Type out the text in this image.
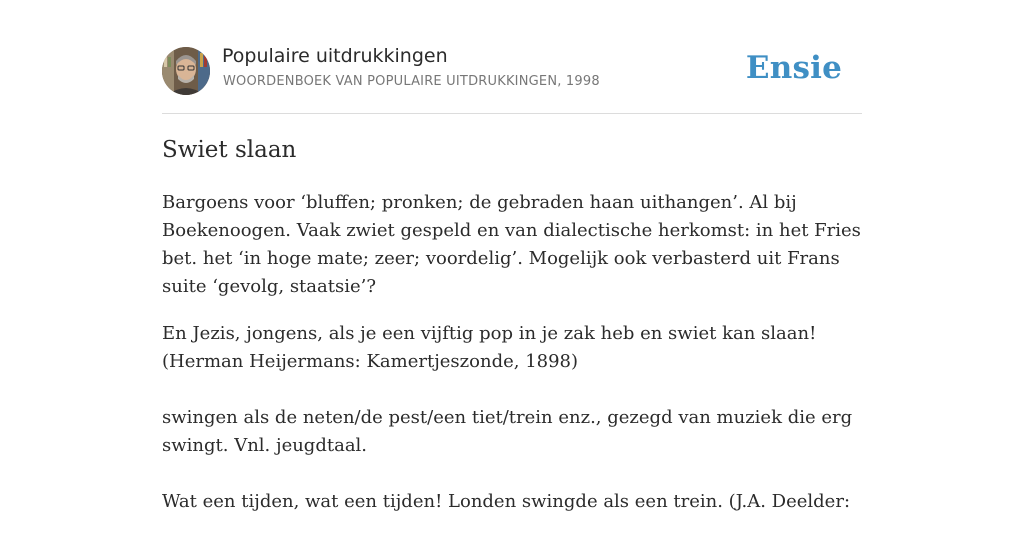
Populaire uitdrukkingen
WOORDENBOEK VAN POPULAIRE UITDRUKKINGEN, 1998	Ensie
Swiet slaan

Bargoens voor ‘bluffen; pronken; de gebraden haan uithangen’. Al bij Boekenoogen. Vaak zwiet gespeld en van dialectische herkomst: in het Fries bet. het ‘in hoge mate; zeer; voordelig’. Mogelijk ook verbasterd uit Frans suite ‘gevolg, staatsie’?

En Jezis, jongens, als je een vijftig pop in je zak heb en swiet kan slaan! (Herman Heijermans: Kamertjeszonde, 1898)

swingen als de neten/de pest/een tiet/trein enz., gezegd van muziek die erg swingt. Vnl. jeugdtaal.

Wat een tijden, wat een tijden! Londen swingde als een trein. (J.A. Deelder:
